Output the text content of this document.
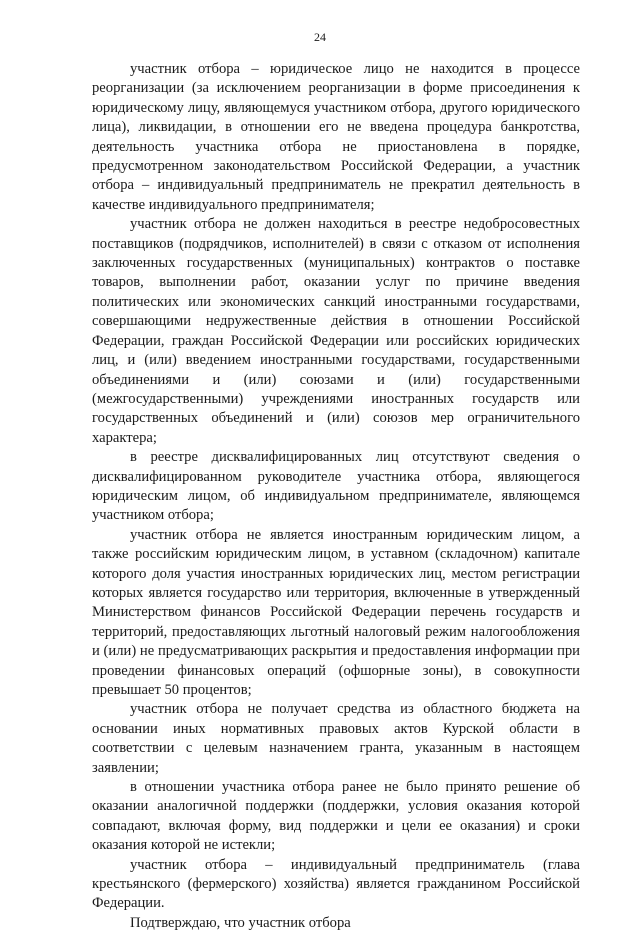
24

участник отбора – юридическое лицо не находится в процессе реорганизации (за исключением реорганизации в форме присоединения к юридическому лицу, являющемуся участником отбора, другого юридического лица), ликвидации, в отношении его не введена процедура банкротства, деятельность участника отбора не приостановлена в порядке, предусмотренном законодательством Российской Федерации, а участник отбора – индивидуальный предприниматель не прекратил деятельность в качестве индивидуального предпринимателя;

участник отбора не должен находиться в реестре недобросовестных поставщиков (подрядчиков, исполнителей) в связи с отказом от исполнения заключенных государственных (муниципальных) контрактов о поставке товаров, выполнении работ, оказании услуг по причине введения политических или экономических санкций иностранными государствами, совершающими недружественные действия в отношении Российской Федерации, граждан Российской Федерации или российских юридических лиц, и (или) введением иностранными государствами, государственными объединениями и (или) союзами и (или) государственными (межгосударственными) учреждениями иностранных государств или государственных объединений и (или) союзов мер ограничительного характера;

в реестре дисквалифицированных лиц отсутствуют сведения о дисквалифицированном руководителе участника отбора, являющегося юридическим лицом, об индивидуальном предпринимателе, являющемся участником отбора;

участник отбора не является иностранным юридическим лицом, а также российским юридическим лицом, в уставном (складочном) капитале которого доля участия иностранных юридических лиц, местом регистрации которых является государство или территория, включенные в утвержденный Министерством финансов Российской Федерации перечень государств и территорий, предоставляющих льготный налоговый режим налогообложения и (или) не предусматривающих раскрытия и предоставления информации при проведении финансовых операций (офшорные зоны), в совокупности превышает 50 процентов;

участник отбора не получает средства из областного бюджета на основании иных нормативных правовых актов Курской области в соответствии с целевым назначением гранта, указанным в настоящем заявлении;

в отношении участника отбора ранее не было принято решение об оказании аналогичной поддержки (поддержки, условия оказания которой совпадают, включая форму, вид поддержки и цели ее оказания) и сроки оказания которой не истекли;

участник отбора – индивидуальный предприниматель (глава крестьянского (фермерского) хозяйства) является гражданином Российской Федерации.

Подтверждаю, что участник отбора
